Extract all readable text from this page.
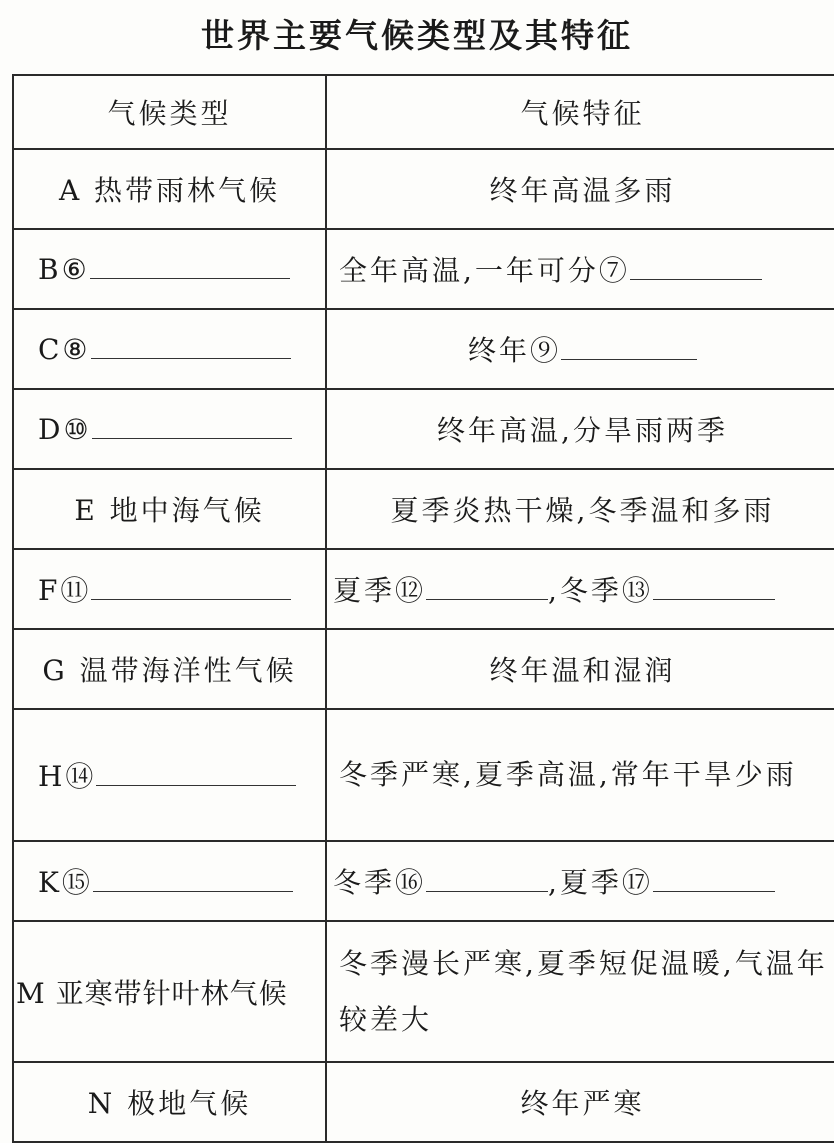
世界主要气候类型及其特征
气候类型	气候特征
A 热带雨林气候	终年高温多雨
B⑥	全年高温,一年可分⑦
C⑧	终年⑨
D⑩	终年高温,分旱雨两季
E 地中海气候	夏季炎热干燥,冬季温和多雨
F⑪	夏季⑫ ,冬季⑬
G 温带海洋性气候	终年温和湿润
H⑭	冬季严寒,夏季高温,常年干旱少雨
K⑮	冬季⑯ ,夏季⑰
M 亚寒带针叶林气候	冬季漫长严寒,夏季短促温暖,气温年较差大
N 极地气候	终年严寒
